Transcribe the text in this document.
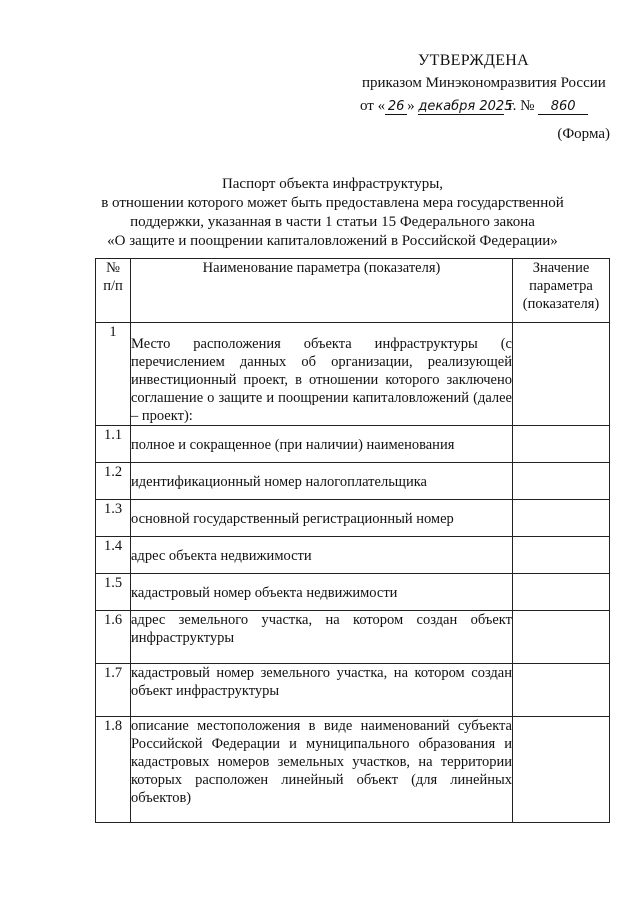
УТВЕРЖДЕНА
приказом Минэкономразвития России
от « 26 » декабря 2025 г. № 860
(Форма)
Паспорт объекта инфраструктуры,
в отношении которого может быть предоставлена мера государственной
поддержки, указанная в части 1 статьи 15 Федерального закона
«О защите и поощрении капиталовложений в Российской Федерации»
№
п/п	Наименование параметра (показателя)	Значение параметра (показателя)
1	Место расположения объекта инфраструктуры (с перечислением данных об организации, реализующей инвестиционный проект, в отношении которого заключено соглашение о защите и поощрении капиталовложений (далее – проект):	
1.1	полное и сокращенное (при наличии) наименования	
1.2	идентификационный номер налогоплательщика	
1.3	основной государственный регистрационный номер	
1.4	адрес объекта недвижимости	
1.5	кадастровый номер объекта недвижимости	
1.6	адрес земельного участка, на котором создан объект инфраструктуры	
1.7	кадастровый номер земельного участка, на котором создан объект инфраструктуры	
1.8	описание местоположения в виде наименований субъекта Российской Федерации и муниципального образования и кадастровых номеров земельных участков, на территории которых расположен линейный объект (для линейных объектов)	
